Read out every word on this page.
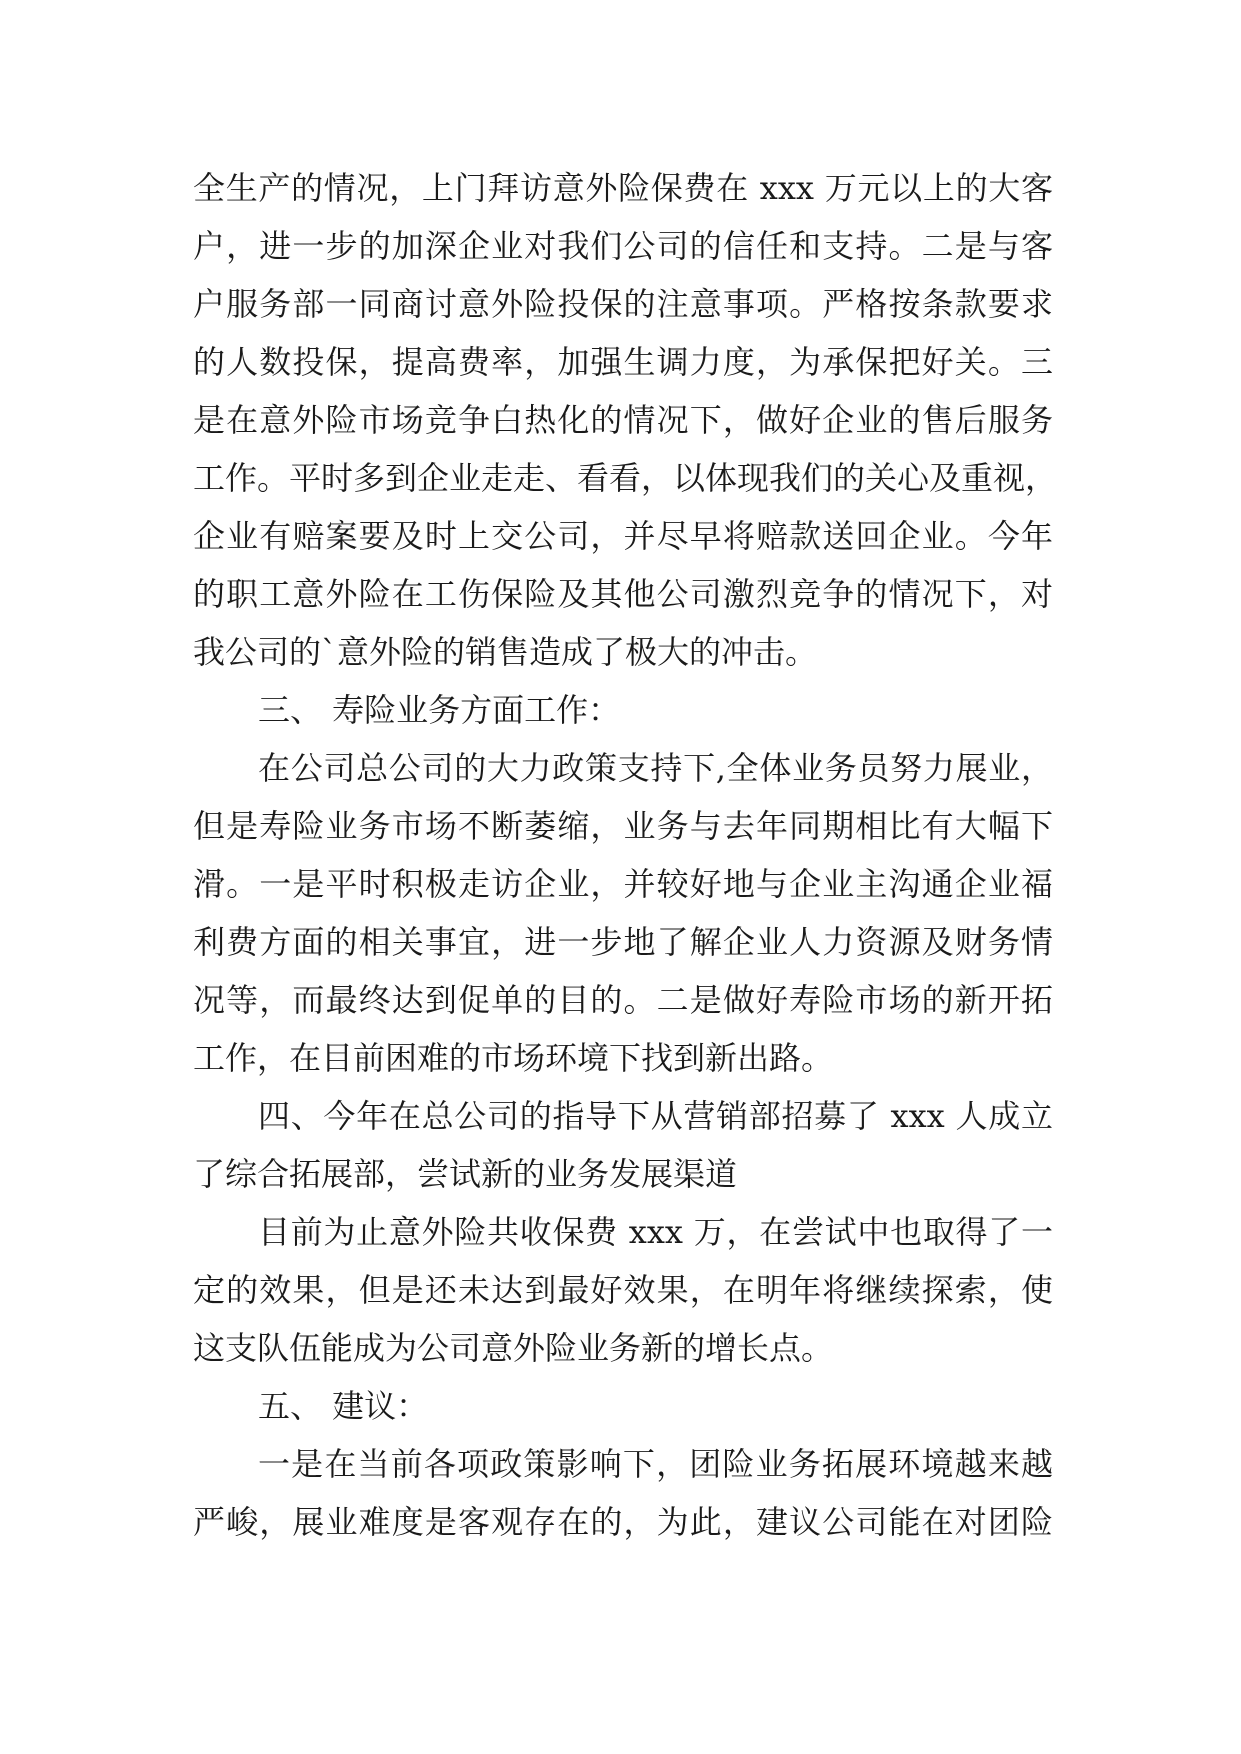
全生产的情况，上门拜访意外险保费在 xxx 万元以上的大客
户，进一步的加深企业对我们公司的信任和支持。二是与客
户服务部一同商讨意外险投保的注意事项。严格按条款要求
的人数投保，提高费率，加强生调力度，为承保把好关。三
是在意外险市场竞争白热化的情况下，做好企业的售后服务
工作。平时多到企业走走、看看，以体现我们的关心及重视，
企业有赔案要及时上交公司，并尽早将赔款送回企业。今年
的职工意外险在工伤保险及其他公司激烈竞争的情况下，对
我公司的`意外险的销售造成了极大的冲击。
三、 寿险业务方面工作：
在公司总公司的大力政策支持下,全体业务员努力展业，
但是寿险业务市场不断萎缩，业务与去年同期相比有大幅下
滑。一是平时积极走访企业，并较好地与企业主沟通企业福
利费方面的相关事宜，进一步地了解企业人力资源及财务情
况等，而最终达到促单的目的。二是做好寿险市场的新开拓
工作，在目前困难的市场环境下找到新出路。
四、今年在总公司的指导下从营销部招募了 xxx 人成立
了综合拓展部，尝试新的业务发展渠道
目前为止意外险共收保费 xxx 万，在尝试中也取得了一
定的效果，但是还未达到最好效果，在明年将继续探索，使
这支队伍能成为公司意外险业务新的增长点。
五、 建议：
一是在当前各项政策影响下，团险业务拓展环境越来越
严峻，展业难度是客观存在的，为此，建议公司能在对团险
